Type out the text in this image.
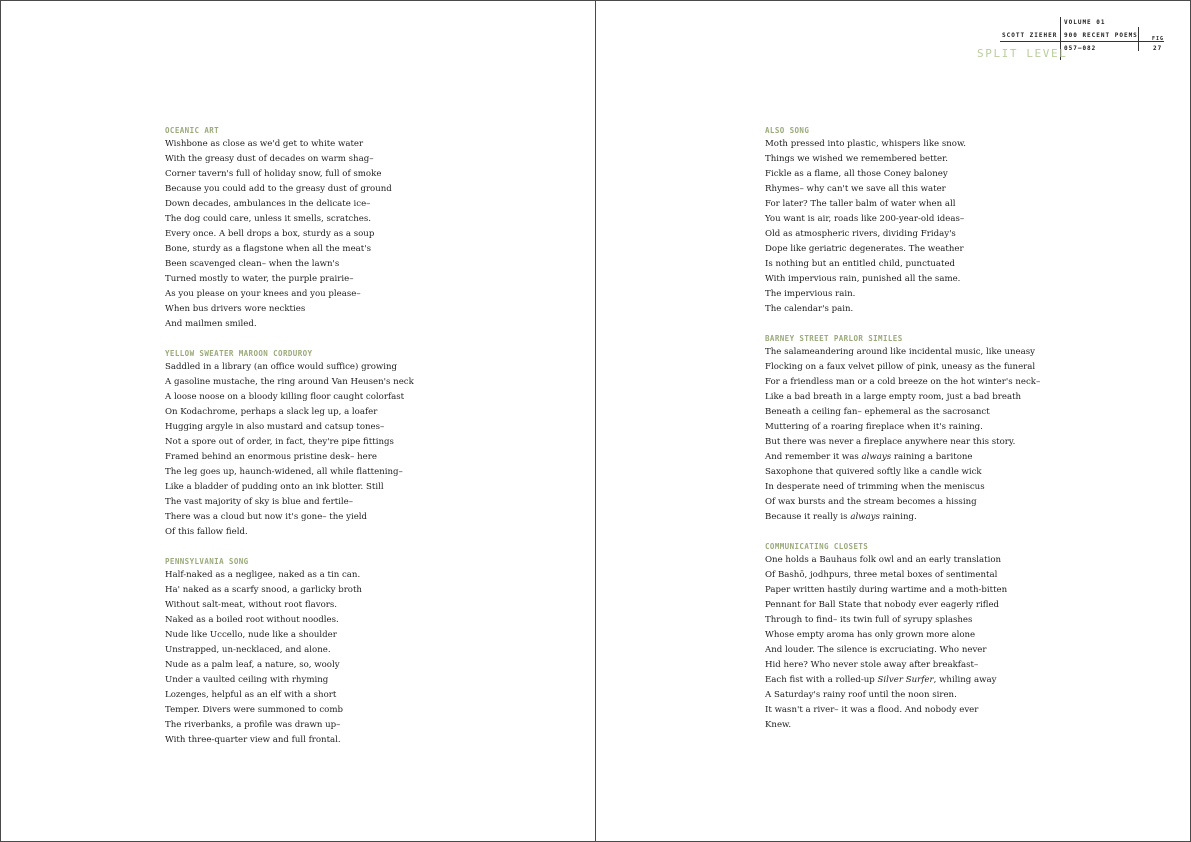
VOLUME 01
SCOTT ZIEHER 900 RECENT POEMS
057–082
FIG
27
SPLIT LEVEL
OCEANIC ART
Wishbone as close as we'd get to white water
With the greasy dust of decades on warm shag–
Corner tavern's full of holiday snow, full of smoke
Because you could add to the greasy dust of ground
Down decades, ambulances in the delicate ice–
The dog could care, unless it smells, scratches.
Every once. A bell drops a box, sturdy as a soup
Bone, sturdy as a flagstone when all the meat's
Been scavenged clean– when the lawn's
Turned mostly to water, the purple prairie–
As you please on your knees and you please–
When bus drivers wore neckties
And mailmen smiled.
YELLOW SWEATER MAROON CORDUROY
Saddled in a library (an office would suffice) growing
A gasoline mustache, the ring around Van Heusen's neck
A loose noose on a bloody killing floor caught colorfast
On Kodachrome, perhaps a slack leg up, a loafer
Hugging argyle in also mustard and catsup tones–
Not a spore out of order, in fact, they're pipe fittings
Framed behind an enormous pristine desk– here
The leg goes up, haunch-widened, all while flattening–
Like a bladder of pudding onto an ink blotter. Still
The vast majority of sky is blue and fertile–
There was a cloud but now it's gone– the yield
Of this fallow field.
PENNSYLVANIA SONG
Half-naked as a negligee, naked as a tin can.
Ha' naked as a scarfy snood, a garlicky broth
Without salt-meat, without root flavors.
Naked as a boiled root without noodles.
Nude like Uccello, nude like a shoulder
Unstrapped, un-necklaced, and alone.
Nude as a palm leaf, a nature, so, wooly
Under a vaulted ceiling with rhyming
Lozenges, helpful as an elf with a short
Temper. Divers were summoned to comb
The riverbanks, a profile was drawn up–
With three-quarter view and full frontal.
ALSO SONG
Moth pressed into plastic, whispers like snow.
Things we wished we remembered better.
Fickle as a flame, all those Coney baloney
Rhymes– why can't we save all this water
For later? The taller balm of water when all
You want is air, roads like 200-year-old ideas–
Old as atmospheric rivers, dividing Friday's
Dope like geriatric degenerates. The weather
Is nothing but an entitled child, punctuated
With impervious rain, punished all the same.
The impervious rain.
The calendar's pain.
BARNEY STREET PARLOR SIMILES
The salameandering around like incidental music, like uneasy
Flocking on a faux velvet pillow of pink, uneasy as the funeral
For a friendless man or a cold breeze on the hot winter's neck–
Like a bad breath in a large empty room, just a bad breath
Beneath a ceiling fan– ephemeral as the sacrosanct
Muttering of a roaring fireplace when it's raining.
But there was never a fireplace anywhere near this story.
And remember it was always raining a baritone
Saxophone that quivered softly like a candle wick
In desperate need of trimming when the meniscus
Of wax bursts and the stream becomes a hissing
Because it really is always raining.
COMMUNICATING CLOSETS
One holds a Bauhaus folk owl and an early translation
Of Bashō, jodhpurs, three metal boxes of sentimental
Paper written hastily during wartime and a moth-bitten
Pennant for Ball State that nobody ever eagerly rifled
Through to find– its twin full of syrupy splashes
Whose empty aroma has only grown more alone
And louder. The silence is excruciating. Who never
Hid here? Who never stole away after breakfast–
Each fist with a rolled-up Silver Surfer, whiling away
A Saturday's rainy roof until the noon siren.
It wasn't a river– it was a flood. And nobody ever
Knew.
